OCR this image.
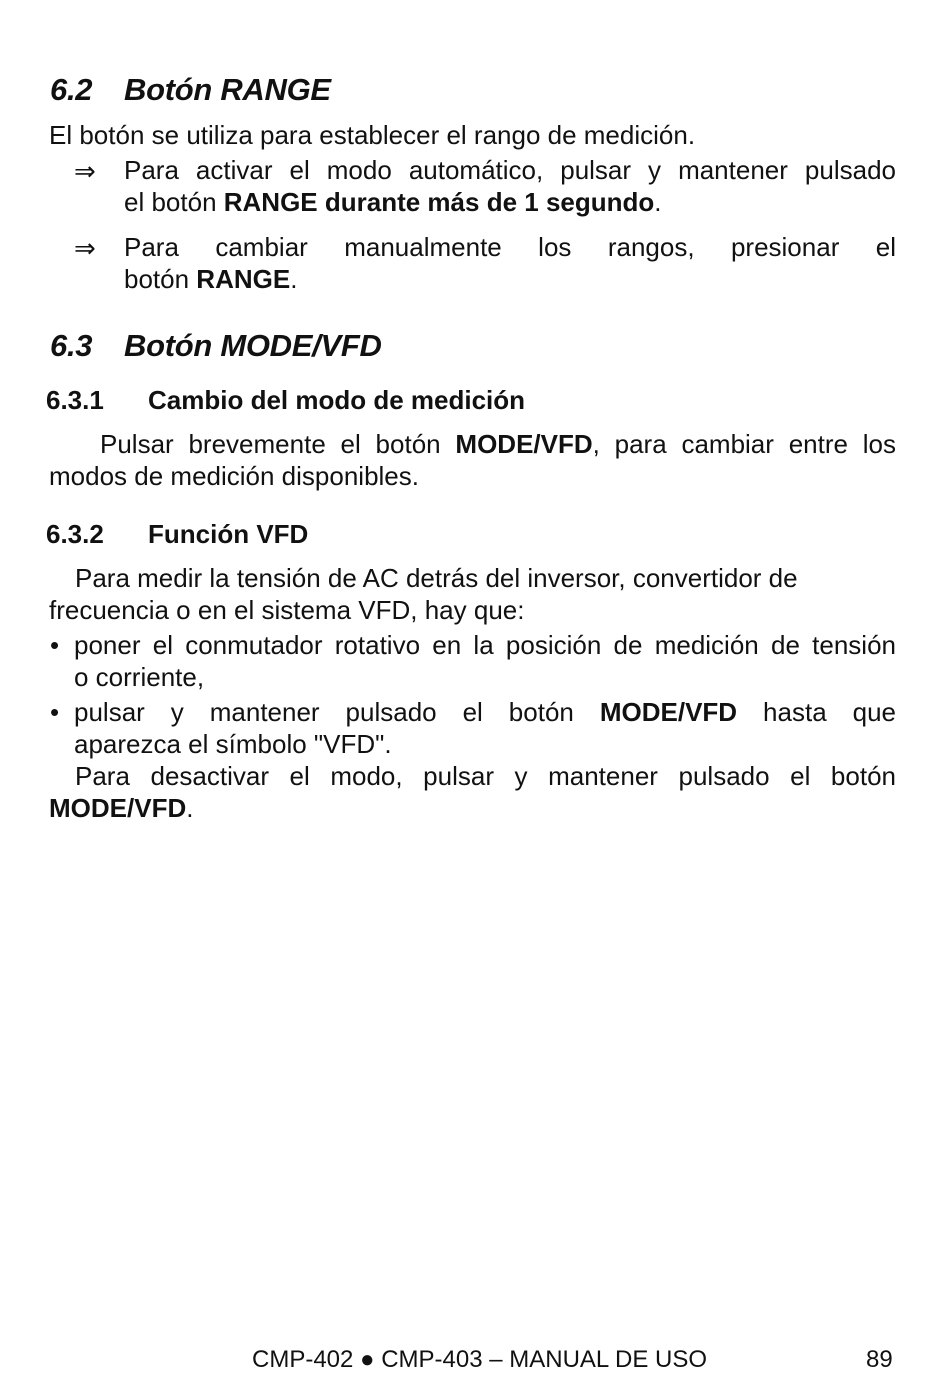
6.2 Botón RANGE
El botón se utiliza para establecer el rango de medición.
⇒ Para activar el modo automático, pulsar y mantener pulsado
el botón RANGE durante más de 1 segundo.
⇒ Para cambiar manualmente los rangos, presionar el
botón RANGE.
6.3 Botón MODE/VFD
6.3.1 Cambio del modo de medición
Pulsar brevemente el botón MODE/VFD, para cambiar entre los
modos de medición disponibles.
6.3.2 Función VFD
Para medir la tensión de AC detrás del inversor, convertidor de
frecuencia o en el sistema VFD, hay que:
• poner el conmutador rotativo en la posición de medición de tensión
o corriente,
• pulsar y mantener pulsado el botón MODE/VFD hasta que
aparezca el símbolo "VFD".
Para desactivar el modo, pulsar y mantener pulsado el botón
MODE/VFD.
CMP-402 ● CMP-403 – MANUAL DE USO	89
